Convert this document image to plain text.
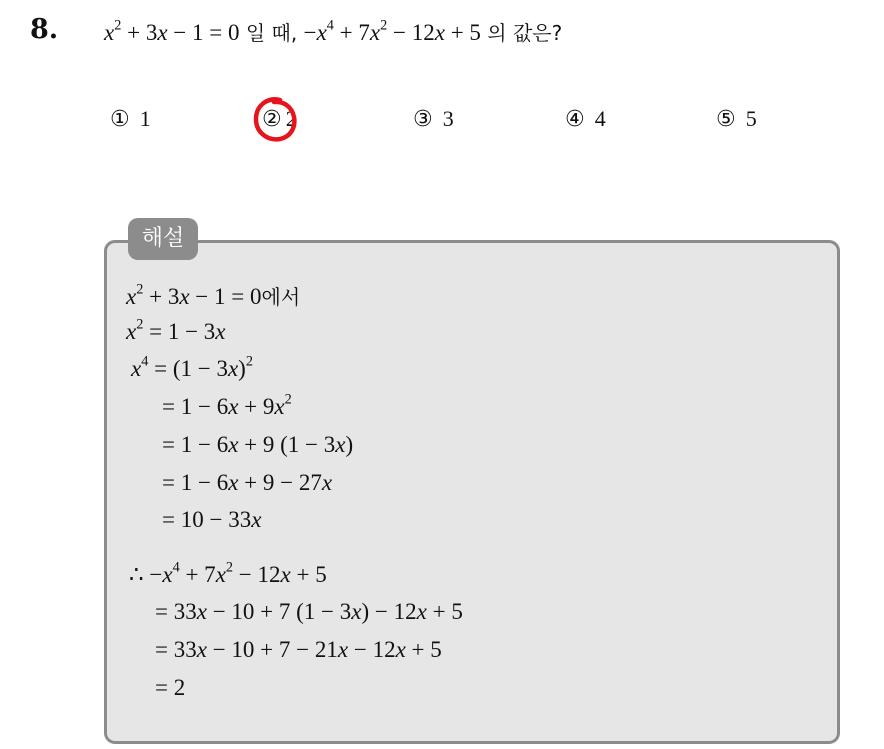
8. $x^2 + 3x - 1 = 0$ 일 때, $-x^4 + 7x^2 - 12x + 5$ 의 값은?
① 1	② 2	③ 3	④ 4	⑤ 5
해설
$x^2 + 3x - 1 = 0$에서
$x^2 = 1 - 3x$
$x^4 = (1 - 3x)^2$
= $1 - 6x + 9x^2$
= 1 − 6x + 9 (1 − 3x)
= 1 − 6x + 9 − 27x
= 10 − 33x
∴ $-x^4 + 7x^2 - 12x + 5$
= 33x − 10 + 7 (1 − 3x) − 12x + 5
= 33x − 10 + 7 − 21x − 12x + 5
= 2
